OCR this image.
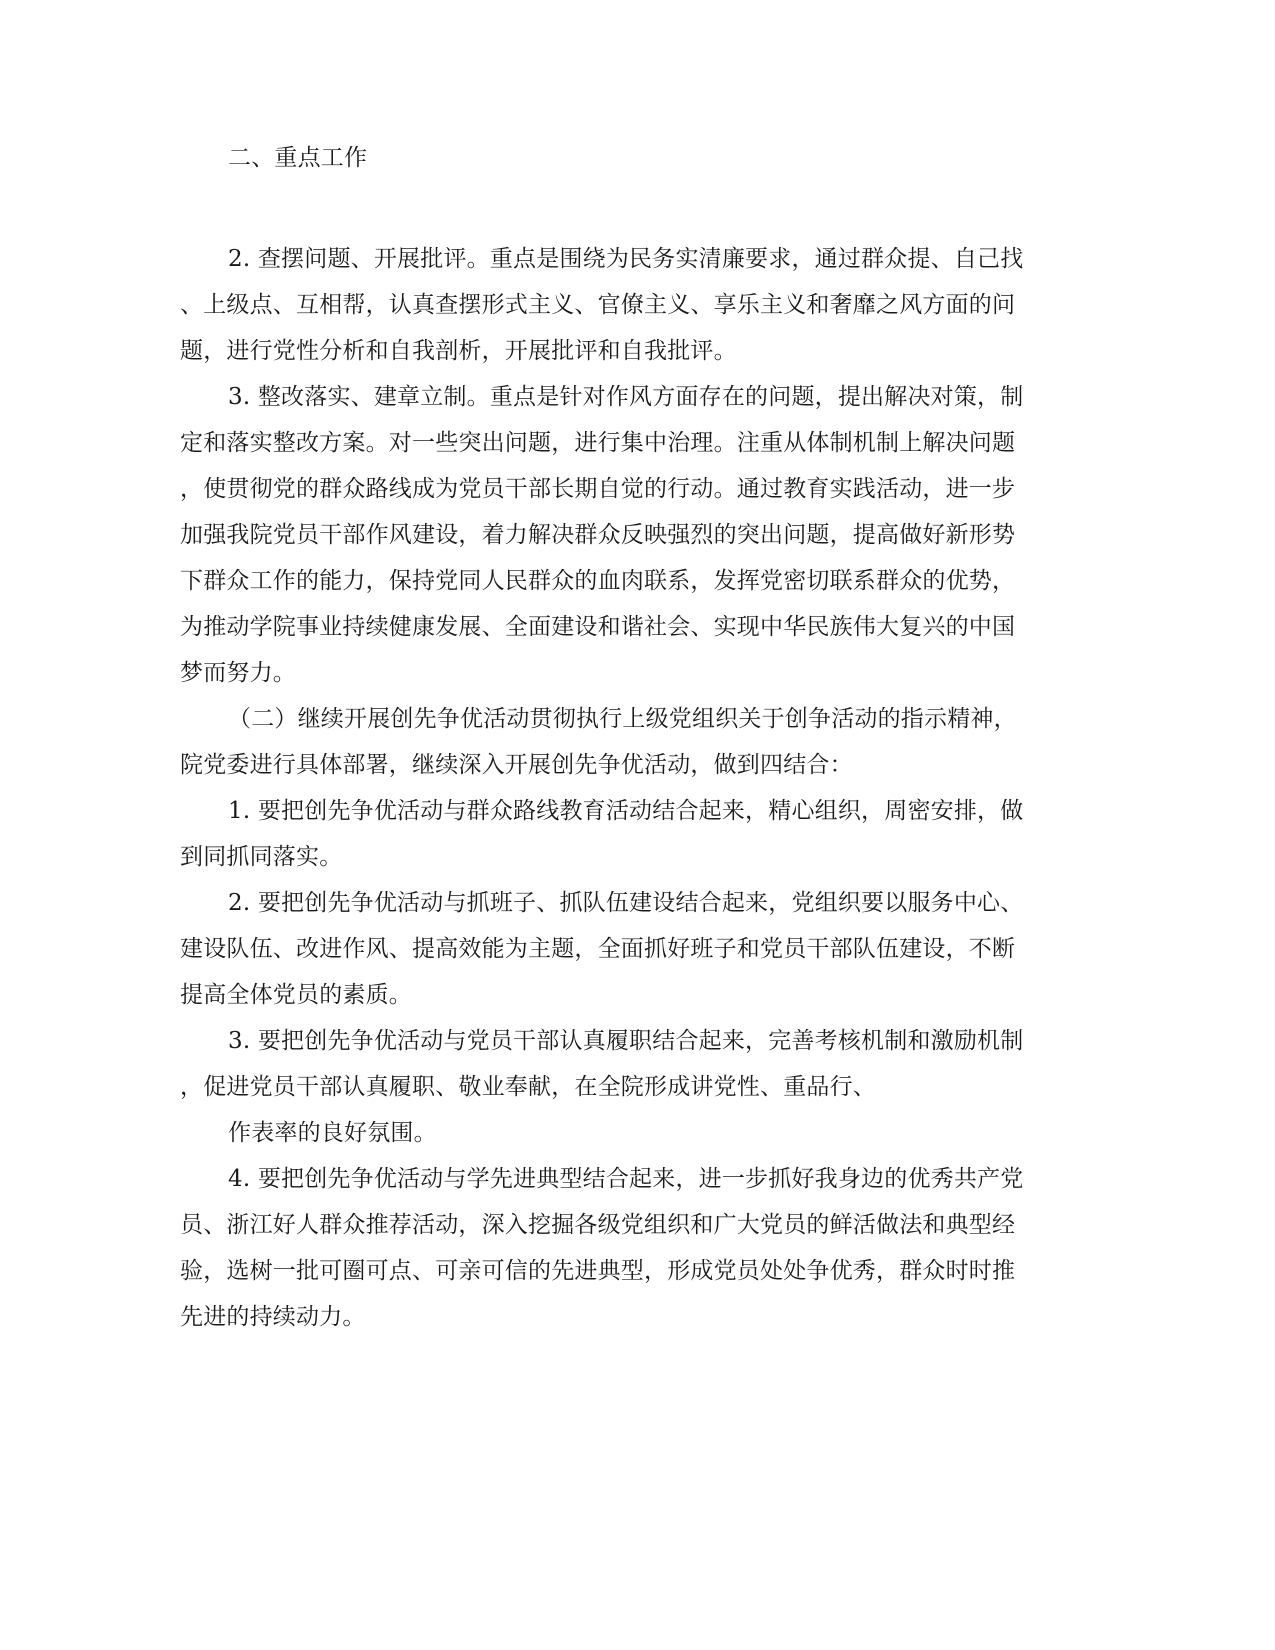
二、重点工作

2. 查摆问题、开展批评。重点是围绕为民务实清廉要求，通过群众提、自己找

、上级点、互相帮，认真查摆形式主义、官僚主义、享乐主义和奢靡之风方面的问

题，进行党性分析和自我剖析，开展批评和自我批评。

3. 整改落实、建章立制。重点是针对作风方面存在的问题，提出解决对策，制

定和落实整改方案。对一些突出问题，进行集中治理。注重从体制机制上解决问题

，使贯彻党的群众路线成为党员干部长期自觉的行动。通过教育实践活动，进一步

加强我院党员干部作风建设，着力解决群众反映强烈的突出问题，提高做好新形势

下群众工作的能力，保持党同人民群众的血肉联系，发挥党密切联系群众的优势，

为推动学院事业持续健康发展、全面建设和谐社会、实现中华民族伟大复兴的中国

梦而努力。

（二）继续开展创先争优活动贯彻执行上级党组织关于创争活动的指示精神，

院党委进行具体部署，继续深入开展创先争优活动，做到四结合：

1. 要把创先争优活动与群众路线教育活动结合起来，精心组织，周密安排，做

到同抓同落实。

2. 要把创先争优活动与抓班子、抓队伍建设结合起来，党组织要以服务中心、

建设队伍、改进作风、提高效能为主题，全面抓好班子和党员干部队伍建设，不断

提高全体党员的素质。

3. 要把创先争优活动与党员干部认真履职结合起来，完善考核机制和激励机制

，促进党员干部认真履职、敬业奉献，在全院形成讲党性、重品行、

作表率的良好氛围。

4. 要把创先争优活动与学先进典型结合起来，进一步抓好我身边的优秀共产党

员、浙江好人群众推荐活动，深入挖掘各级党组织和广大党员的鲜活做法和典型经

验，选树一批可圈可点、可亲可信的先进典型，形成党员处处争优秀，群众时时推

先进的持续动力。
